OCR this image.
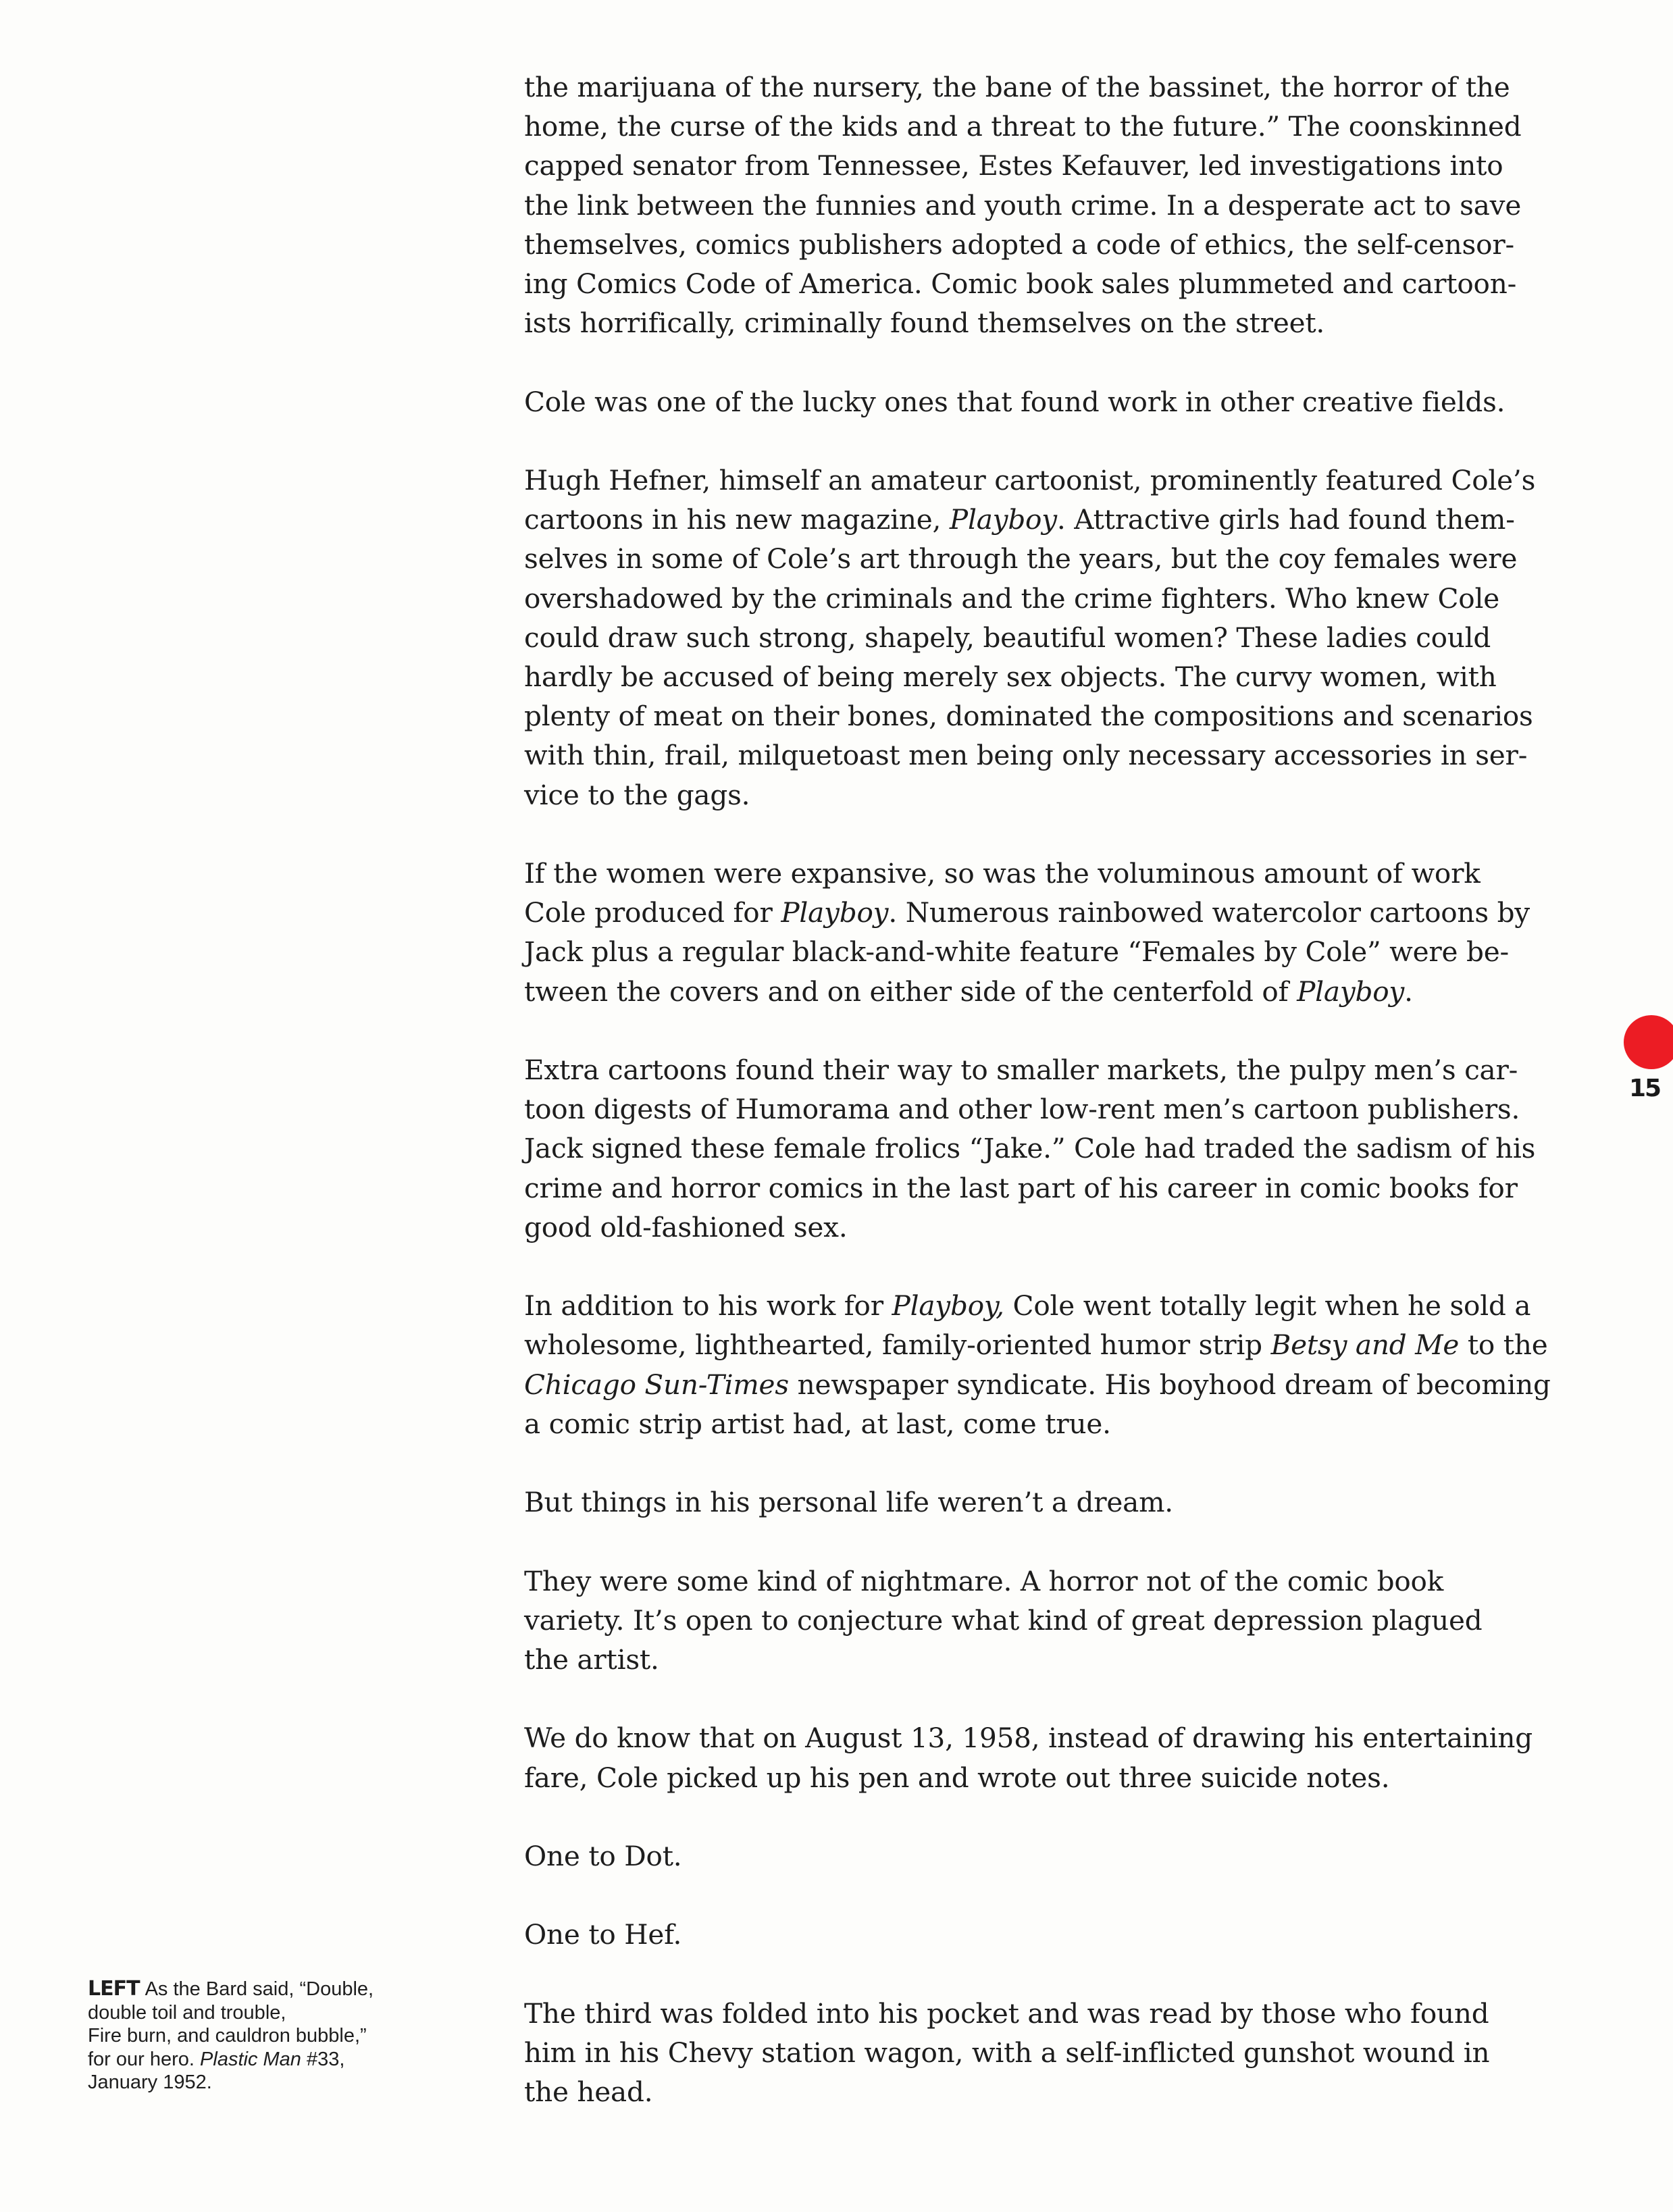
the marijuana of the nursery, the bane of the bassinet, the horror of the
home, the curse of the kids and a threat to the future.” The coonskinned
capped senator from Tennessee, Estes Kefauver, led investigations into
the link between the funnies and youth crime. In a desperate act to save
themselves, comics publishers adopted a code of ethics, the self-censor-
ing Comics Code of America. Comic book sales plummeted and cartoon-
ists horrifically, criminally found themselves on the street.

Cole was one of the lucky ones that found work in other creative fields.

Hugh Hefner, himself an amateur cartoonist, prominently featured Cole’s
cartoons in his new magazine, Playboy. Attractive girls had found them-
selves in some of Cole’s art through the years, but the coy females were
overshadowed by the criminals and the crime fighters. Who knew Cole
could draw such strong, shapely, beautiful women? These ladies could
hardly be accused of being merely sex objects. The curvy women, with
plenty of meat on their bones, dominated the compositions and scenarios
with thin, frail, milquetoast men being only necessary accessories in ser-
vice to the gags.

If the women were expansive, so was the voluminous amount of work
Cole produced for Playboy. Numerous rainbowed watercolor cartoons by
Jack plus a regular black-and-white feature “Females by Cole” were be-
tween the covers and on either side of the centerfold of Playboy.

Extra cartoons found their way to smaller markets, the pulpy men’s car-
toon digests of Humorama and other low-rent men’s cartoon publishers.
Jack signed these female frolics “Jake.” Cole had traded the sadism of his
crime and horror comics in the last part of his career in comic books for
good old-fashioned sex.

In addition to his work for Playboy, Cole went totally legit when he sold a
wholesome, lighthearted, family-oriented humor strip Betsy and Me to the
Chicago Sun-Times newspaper syndicate. His boyhood dream of becoming
a comic strip artist had, at last, come true.

But things in his personal life weren’t a dream.

They were some kind of nightmare. A horror not of the comic book
variety. It’s open to conjecture what kind of great depression plagued
the artist.

We do know that on August 13, 1958, instead of drawing his entertaining
fare, Cole picked up his pen and wrote out three suicide notes.

One to Dot.

One to Hef.

The third was folded into his pocket and was read by those who found
him in his Chevy station wagon, with a self-inflicted gunshot wound in
the head.

15
LEFT As the Bard said, “Double,
double toil and trouble,
Fire burn, and cauldron bubble,”
for our hero. Plastic Man #33,
January 1952.
